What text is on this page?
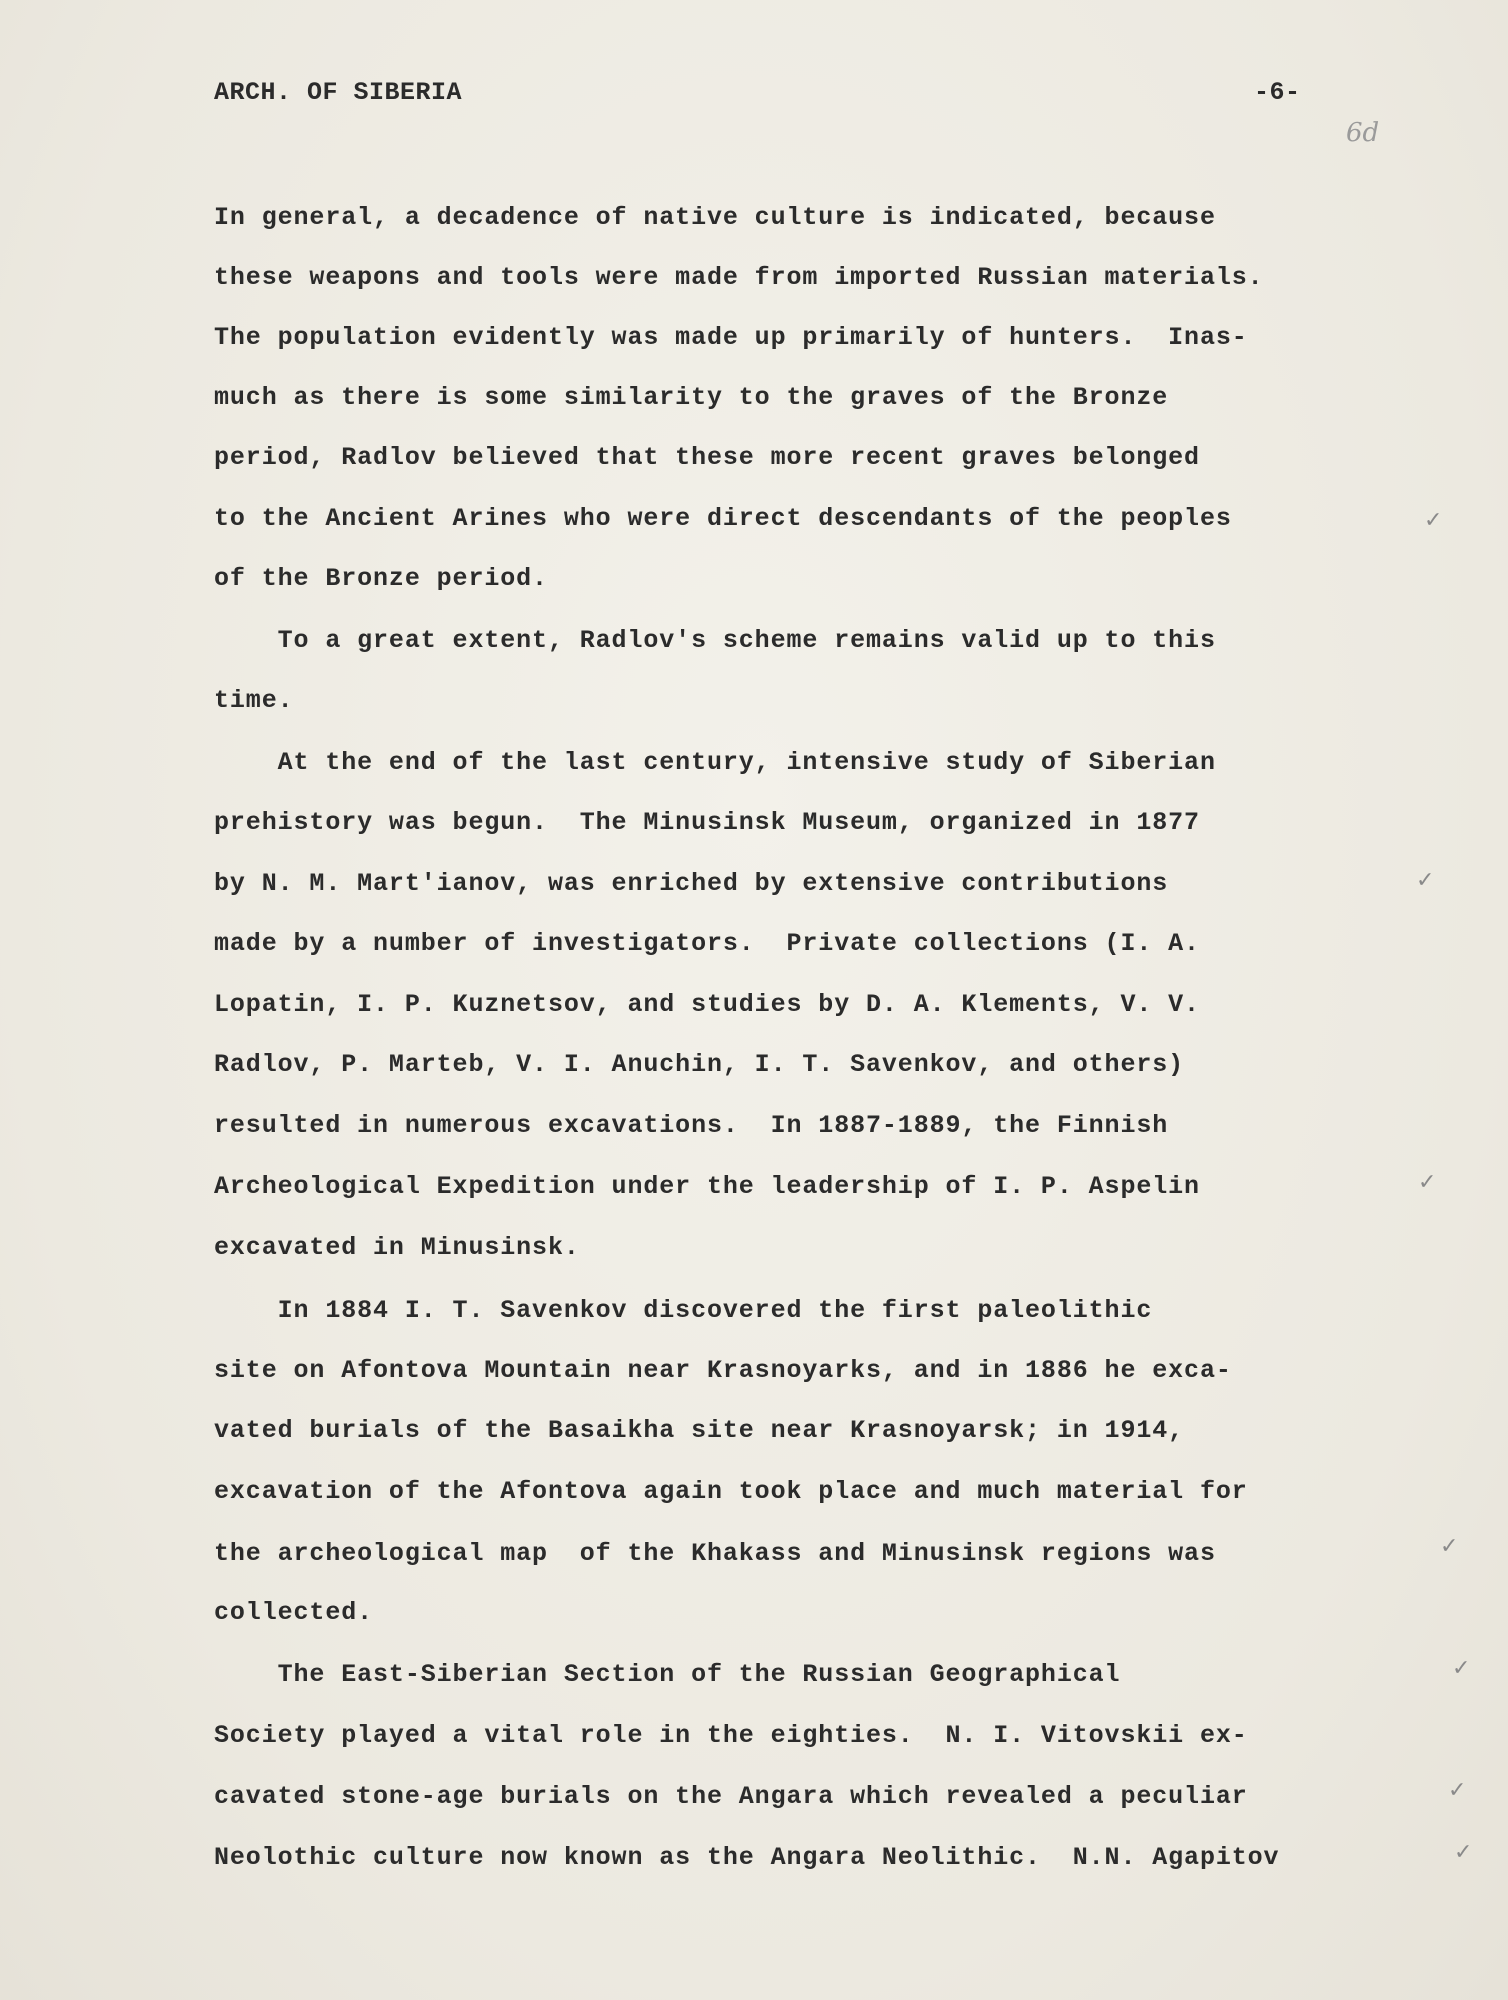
ARCH. OF SIBERIA	-6-
6d
In general, a decadence of native culture is indicated, because
these weapons and tools were made from imported Russian materials.
The population evidently was made up primarily of hunters.  Inas-
much as there is some similarity to the graves of the Bronze
period, Radlov believed that these more recent graves belonged
to the Ancient Arines who were direct descendants of the peoples
of the Bronze period.
To a great extent, Radlov's scheme remains valid up to this
time.
At the end of the last century, intensive study of Siberian
prehistory was begun.  The Minusinsk Museum, organized in 1877
by N. M. Mart'ianov, was enriched by extensive contributions
made by a number of investigators.  Private collections (I. A.
Lopatin, I. P. Kuznetsov, and studies by D. A. Klements, V. V.
Radlov, P. Marteb, V. I. Anuchin, I. T. Savenkov, and others)
resulted in numerous excavations.  In 1887-1889, the Finnish
Archeological Expedition under the leadership of I. P. Aspelin
excavated in Minusinsk.
In 1884 I. T. Savenkov discovered the first paleolithic
site on Afontova Mountain near Krasnoyarks, and in 1886 he exca-
vated burials of the Basaikha site near Krasnoyarsk; in 1914,
excavation of the Afontova again took place and much material for
the archeological map  of the Khakass and Minusinsk regions was
collected.
The East-Siberian Section of the Russian Geographical
Society played a vital role in the eighties.  N. I. Vitovskii ex-
cavated stone-age burials on the Angara which revealed a peculiar
Neolothic culture now known as the Angara Neolithic.  N.N. Agapitov
✓
✓
✓
✓
✓
✓
✓
